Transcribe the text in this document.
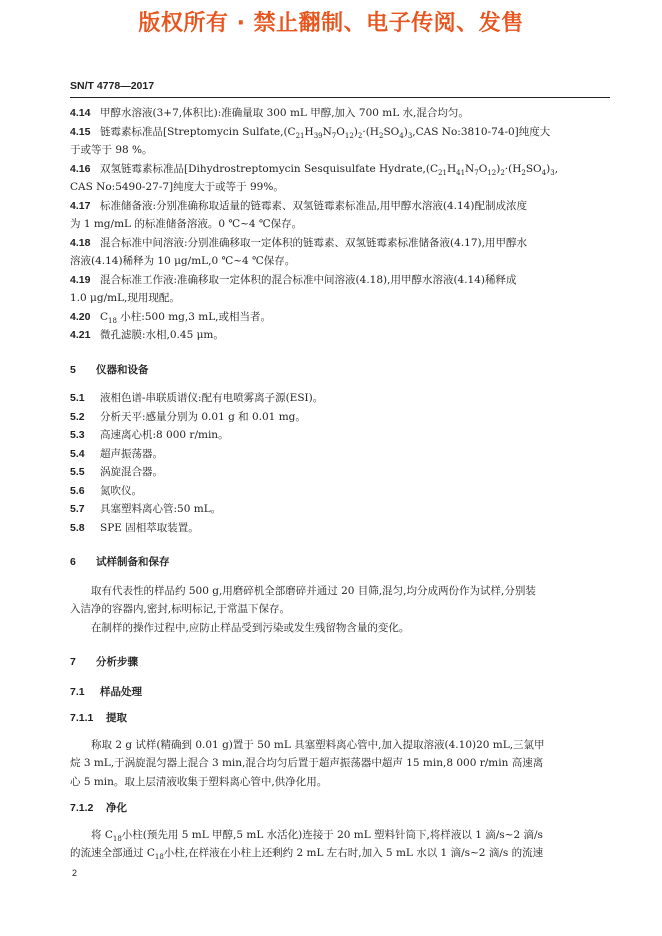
版权所有 · 禁止翻制、电子传阅、发售
SN/T 4778—2017

4.14 甲醇水溶液(3+7,体积比):准确量取 300 mL 甲醇,加入 700 mL 水,混合均匀。

4.15 链霉素标准品[Streptomycin $Sulfate,(C_{21}H_{39}N_7O_{12})_2\cdot(H_2SO_4)_3,CAS$ No:3810-74-0]纯度大

于或等于 98 %。

4.16 双氢链霉素标准品[Dihydrostreptomycin Sesquisulfate $Hydrate,(C_{21}H_{41}N_7O_{12})_2\cdot(H_2SO_4)_3$,

CAS No:5490-27-7]纯度大于或等于 99%。

4.17 标准储备液:分别准确称取适量的链霉素、双氢链霉素标准品,用甲醇水溶液(4.14)配制成浓度

为 1 mg/mL 的标准储备溶液。0 ℃~4 ℃保存。

4.18 混合标准中间溶液:分别准确移取一定体积的链霉素、双氢链霉素标准储备液(4.17),用甲醇水

溶液(4.14)稀释为 10 μg/mL,0 ℃~4 ℃保存。

4.19 混合标准工作液:准确移取一定体积的混合标准中间溶液(4.18),用甲醇水溶液(4.14)稀释成

1.0 μg/mL,现用现配。

4.20 $C_{18}$ 小柱:500 mg,3 mL,或相当者。

4.21 微孔滤膜:水相,0.45 μm。

5 仪器和设备

5.1 液相色谱-串联质谱仪:配有电喷雾离子源(ESI)。

5.2 分析天平:感量分别为 0.01 g 和 0.01 mg。

5.3 高速离心机:8 000 r/min。

5.4 超声振荡器。

5.5 涡旋混合器。

5.6 氮吹仪。

5.7 具塞塑料离心管:50 mL。

5.8 SPE 固相萃取装置。

6 试样制备和保存

取有代表性的样品约 500 g,用磨碎机全部磨碎并通过 20 目筛,混匀,均分成两份作为试样,分别装

入洁净的容器内,密封,标明标记,于常温下保存。

在制样的操作过程中,应防止样品受到污染或发生残留物含量的变化。

7 分析步骤

7.1 样品处理

7.1.1 提取

称取 2 g 试样(精确到 0.01 g)置于 50 mL 具塞塑料离心管中,加入提取溶液(4.10)20 mL,三氯甲

烷 3 mL,于涡旋混匀器上混合 3 min,混合均匀后置于超声振荡器中超声 15 min,8 000 r/min 高速离

心 5 min。取上层清液收集于塑料离心管中,供净化用。

7.1.2 净化

将 $C_{18}$小柱(预先用 5 mL 甲醇,5 mL 水活化)连接于 20 mL 塑料针筒下,将样液以 1 滴/s~2 滴/s

的流速全部通过 $C_{18}$小柱,在样液在小柱上还剩约 2 mL 左右时,加入 5 mL 水以 1 滴/s~2 滴/s 的流速

2
